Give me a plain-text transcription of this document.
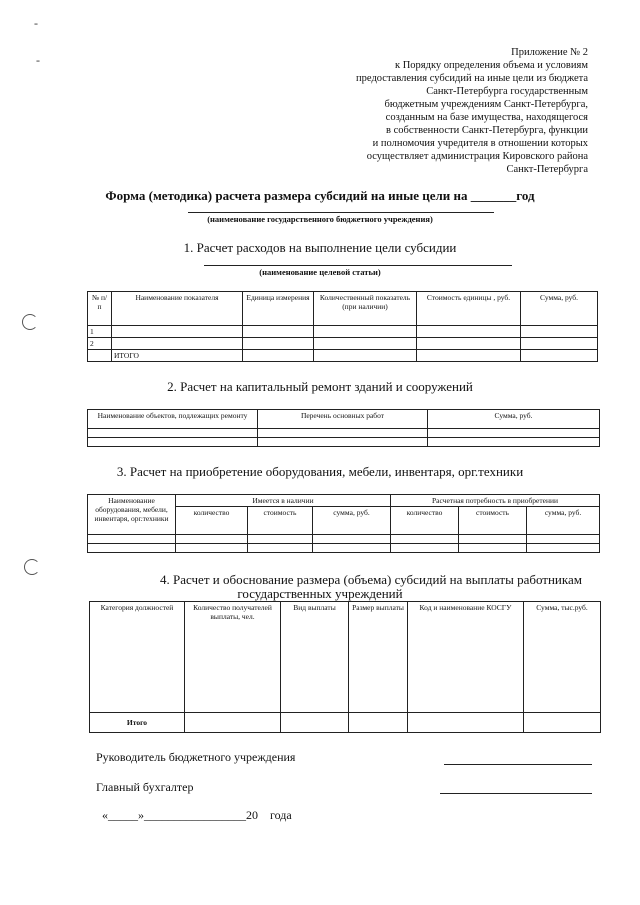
-
-
Приложение № 2
к Порядку определения объема и условиям
предоставления субсидий на иные цели из бюджета
Санкт-Петербурга государственным
бюджетным учреждениям Санкт-Петербурга,
созданным на базе имущества, находящегося
в собственности Санкт-Петербурга, функции
и полномочия учредителя в отношении которых
осуществляет администрация Кировского района
Санкт-Петербурга
Форма (методика) расчета размера субсидий на иные цели на _______год
(наименование государственного бюджетного учреждения)
1. Расчет расходов на выполнение цели субсидии
(наименование целевой статьи)
№ п/п	Наименование показателя	Единица измерения	Количественный показатель (при наличии)	Стоимость единицы , руб.	Сумма, руб.
1					
2					
	ИТОГО				
2. Расчет на капитальный ремонт зданий и сооружений
Наименование объектов, подлежащих ремонту	Перечень основных работ	Сумма, руб.

3. Расчет на приобретение оборудования, мебели, инвентаря, орг.техники
Наименование оборудования, мебели, инвентаря, орг.техники	Имеется в наличии			Расчетная потребность в приобретении		
	количество	стоимость	сумма, руб.	количество	стоимость	сумма, руб.

4. Расчет и обоснование размера (объема) субсидий на выплаты работникам
государственных учреждений
Категория должностей	Количество получателей выплаты, чел.	Вид выплаты	Размер выплаты	Код и наименование КОСГУ	Сумма, тыс.руб.
Итого					
Руководитель бюджетного учреждения
Главный бухгалтер
«_____»_________________20    года
